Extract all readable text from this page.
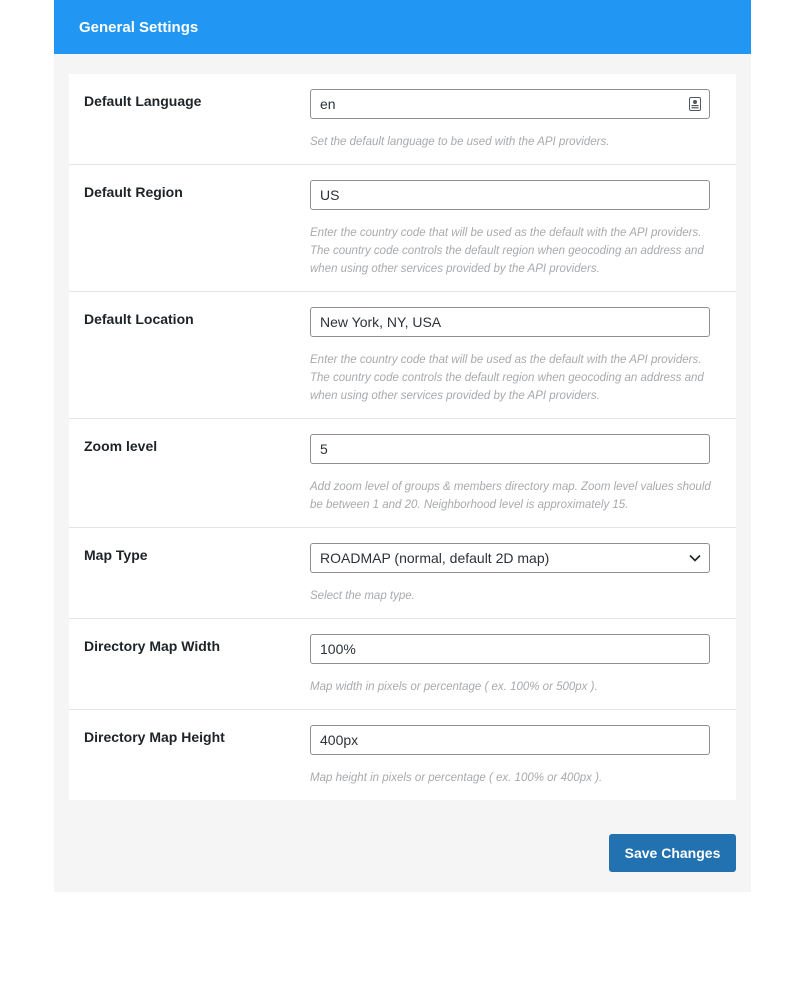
General Settings
Default Language	en

Set the default language to be used with the API providers.

Default Region	US

Enter the country code that will be used as the default with the API providers. The country code controls the default region when geocoding an address and when using other services provided by the API providers.

Default Location	New York, NY, USA

Enter the country code that will be used as the default with the API providers. The country code controls the default region when geocoding an address and when using other services provided by the API providers.

Zoom level	5

Add zoom level of groups & members directory map. Zoom level values should be between 1 and 20. Neighborhood level is approximately 15.

Map Type	ROADMAP (normal, default 2D map)

Select the map type.

Directory Map Width	100%

Map width in pixels or percentage ( ex. 100% or 500px ).

Directory Map Height	400px

Map height in pixels or percentage ( ex. 100% or 400px ).

Save Changes
